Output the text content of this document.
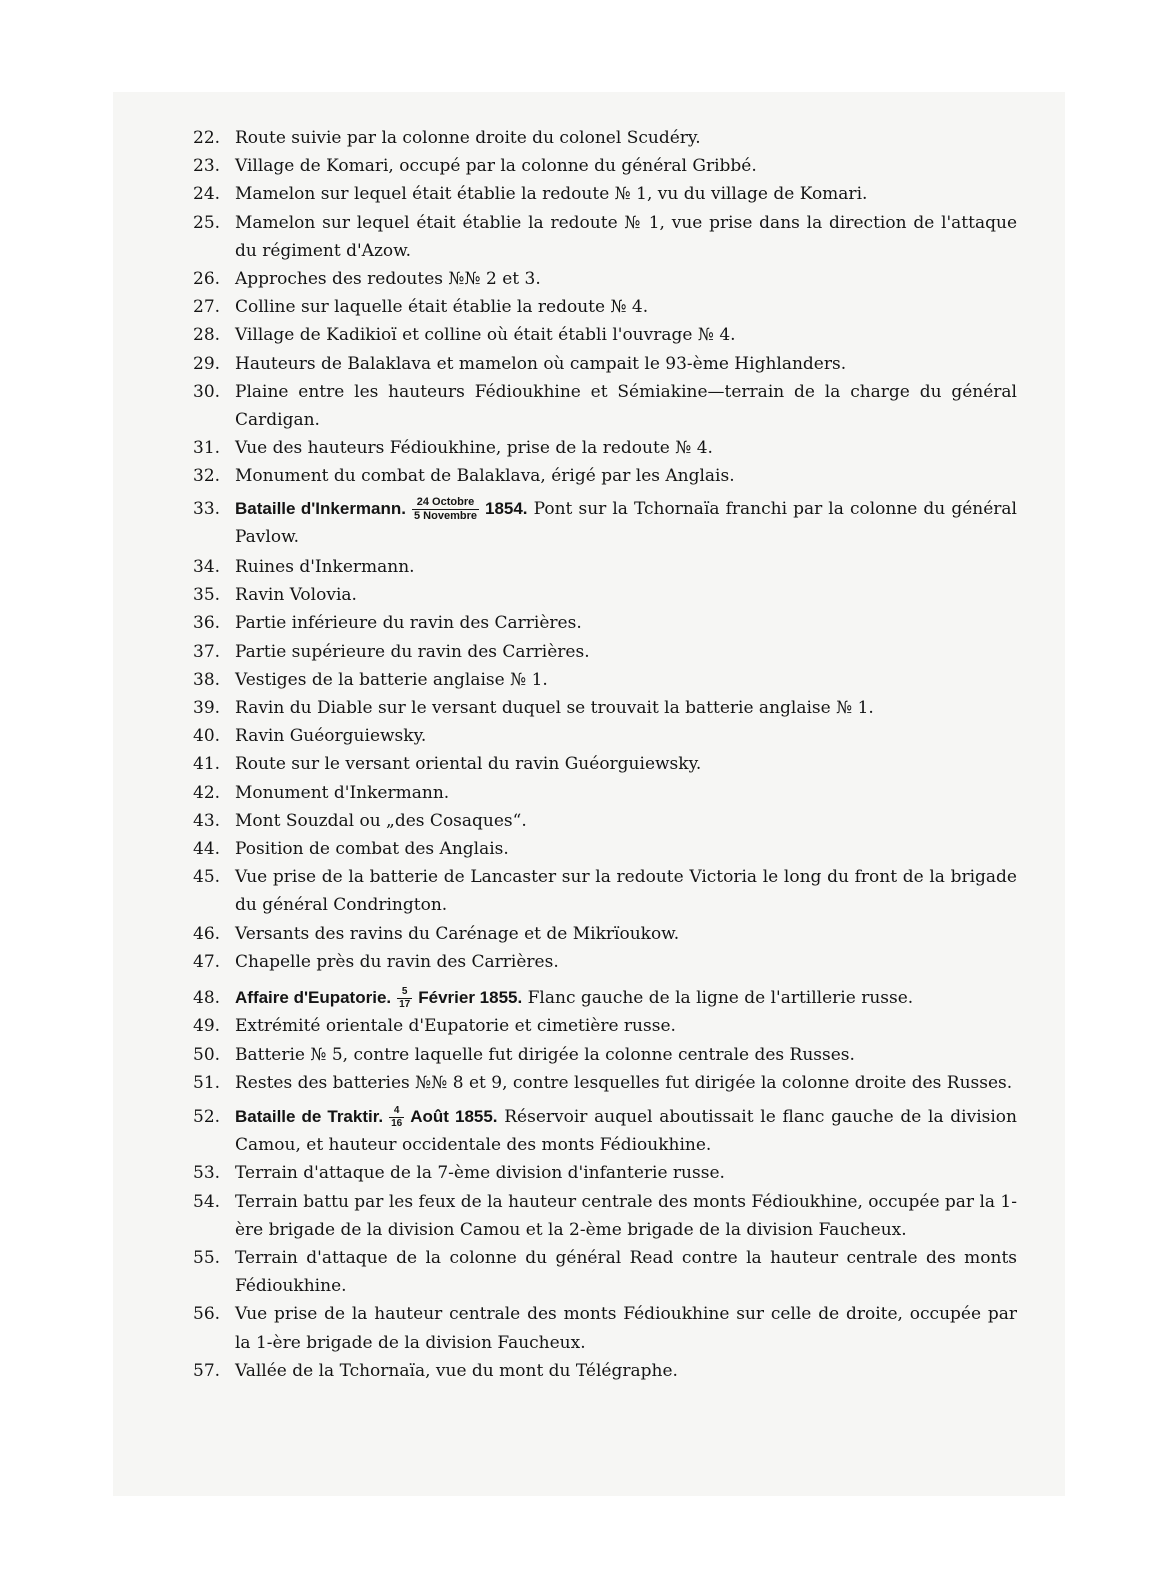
22. Route suivie par la colonne droite du colonel Scudéry.
23. Village de Komari, occupé par la colonne du général Gribbé.
24. Mamelon sur lequel était établie la redoute № 1, vu du village de Komari.
25. Mamelon sur lequel était établie la redoute № 1, vue prise dans la direction de l'attaque du régiment d'Azow.
26. Approches des redoutes №№ 2 et 3.
27. Colline sur laquelle était établie la redoute № 4.
28. Village de Kadikioï et colline où était établi l'ouvrage № 4.
29. Hauteurs de Balaklava et mamelon où campait le 93-ème Highlanders.
30. Plaine entre les hauteurs Fédioukhine et Sémiakine—terrain de la charge du général Cardigan.
31. Vue des hauteurs Fédioukhine, prise de la redoute № 4.
32. Monument du combat de Balaklava, érigé par les Anglais.
33. Bataille d'Inkermann. $\frac{\text{24 Octobre}}{\text{5 Novembre}} 1854$. Pont sur la Tchornaïa franchi par la colonne du général Pavlow.
34. Ruines d'Inkermann.
35. Ravin Volovia.
36. Partie inférieure du ravin des Carrières.
37. Partie supérieure du ravin des Carrières.
38. Vestiges de la batterie anglaise № 1.
39. Ravin du Diable sur le versant duquel se trouvait la batterie anglaise № 1.
40. Ravin Guéorguiewsky.
41. Route sur le versant oriental du ravin Guéorguiewsky.
42. Monument d'Inkermann.
43. Mont Souzdal ou „des Cosaques“.
44. Position de combat des Anglais.
45. Vue prise de la batterie de Lancaster sur la redoute Victoria le long du front de la brigade du général Condrington.
46. Versants des ravins du Carénage et de Mikrïoukow.
47. Chapelle près du ravin des Carrières.
48. Affaire d'Eupatorie. $\frac{5}{17}$ Février 1855. Flanc gauche de la ligne de l'artillerie russe.
49. Extrémité orientale d'Eupatorie et cimetière russe.
50. Batterie № 5, contre laquelle fut dirigée la colonne centrale des Russes.
51. Restes des batteries №№ 8 et 9, contre lesquelles fut dirigée la colonne droite des Russes.
52. Bataille de Traktir. $\frac{4}{16}$ Août 1855. Réservoir auquel aboutissait le flanc gauche de la division Camou, et hauteur occidentale des monts Fédioukhine.
53. Terrain d'attaque de la 7-ème division d'infanterie russe.
54. Terrain battu par les feux de la hauteur centrale des monts Fédioukhine, occupée par la 1-ère brigade de la division Camou et la 2-ème brigade de la division Faucheux.
55. Terrain d'attaque de la colonne du général Read contre la hauteur centrale des monts Fédioukhine.
56. Vue prise de la hauteur centrale des monts Fédioukhine sur celle de droite, occupée par la 1-ère brigade de la division Faucheux.
57. Vallée de la Tchornaïa, vue du mont du Télégraphe.
